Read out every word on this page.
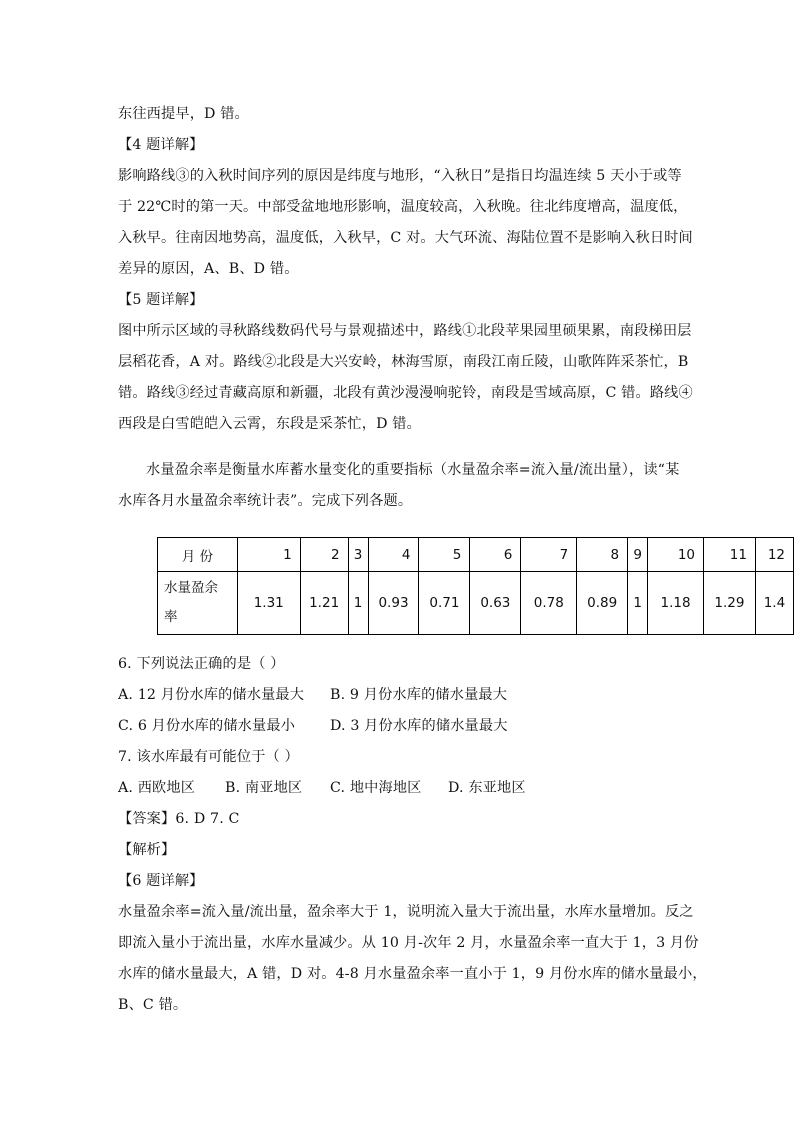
东往西提早，D 错。
【4 题详解】
影响路线③的入秋时间序列的原因是纬度与地形，“入秋日”是指日均温连续 5 天小于或等
于 22℃时的第一天。中部受盆地地形影响，温度较高，入秋晚。往北纬度增高，温度低，
入秋早。往南因地势高，温度低，入秋早，C 对。大气环流、海陆位置不是影响入秋日时间
差异的原因，A、B、D 错。
【5 题详解】
图中所示区域的寻秋路线数码代号与景观描述中，路线①北段苹果园里硕果累，南段梯田层
层稻花香，A 对。路线②北段是大兴安岭，林海雪原，南段江南丘陵，山歌阵阵采茶忙，B
错。路线③经过青藏高原和新疆，北段有黄沙漫漫响驼铃，南段是雪域高原，C 错。路线④
西段是白雪皑皑入云霄，东段是采茶忙，D 错。
水量盈余率是衡量水库蓄水量变化的重要指标（水量盈余率=流入量/流出量），读“某
水库各月水量盈余率统计表”。完成下列各题。
月 份	1	2	3	4	5	6	7	8	9	10	11	12
水量盈余
率	1.31	1.21	1	0.93	0.71	0.63	0.78	0.89	1	1.18	1.29	1.4
6. 下列说法正确的是（ ）
A. 12 月份水库的储水量最大 B. 9 月份水库的储水量最大
C. 6 月份水库的储水量最小 D. 3 月份水库的储水量最大
7. 该水库最有可能位于（ ）
A. 西欧地区 B. 南亚地区 C. 地中海地区 D. 东亚地区
【答案】6. D 7. C
【解析】
【6 题详解】
水量盈余率=流入量/流出量，盈余率大于 1，说明流入量大于流出量，水库水量增加。反之
即流入量小于流出量，水库水量减少。从 10 月-次年 2 月，水量盈余率一直大于 1，3 月份
水库的储水量最大，A 错，D 对。4-8 月水量盈余率一直小于 1，9 月份水库的储水量最小，
B、C 错。
